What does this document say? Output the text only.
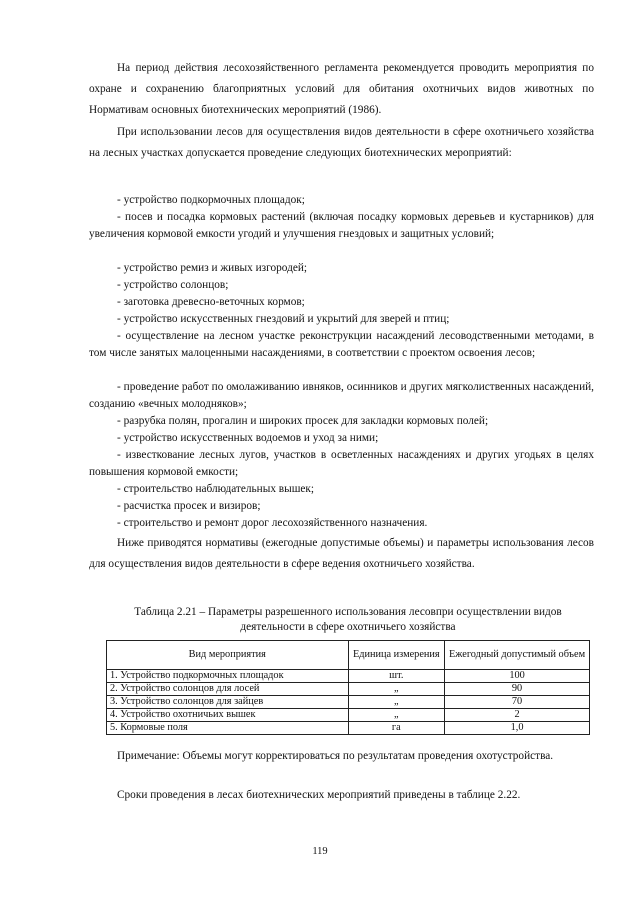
На период действия лесохозяйственного регламента рекомендуется проводить мероприятия по охране и сохранению благоприятных условий для обитания охотничьих видов животных по Нормативам основных биотехнических мероприятий (1986).

При использовании лесов для осуществления видов деятельности в сфере охотничьего хозяйства на лесных участках допускается проведение следующих биотехнических мероприятий:

- устройство подкормочных площадок;

- посев и посадка кормовых растений (включая посадку кормовых деревьев и кустарников) для увеличения кормовой емкости угодий и улучшения гнездовых и защитных условий;

- устройство ремиз и живых изгородей;

- устройство солонцов;

- заготовка древесно-веточных кормов;

- устройство искусственных гнездовий и укрытий для зверей и птиц;

- осуществление на лесном участке реконструкции насаждений лесоводственными методами, в том числе занятых малоценными насаждениями, в соответствии с проектом освоения лесов;

- проведение работ по омолаживанию ивняков, осинников и других мягколиственных насаждений, созданию «вечных молодняков»;

- разрубка полян, прогалин и широких просек для закладки кормовых полей;

- устройство искусственных водоемов и уход за ними;

- известкование лесных лугов, участков в осветленных насаждениях и других угодьях в целях повышения кормовой емкости;

- строительство наблюдательных вышек;

- расчистка просек и визиров;

- строительство и ремонт дорог лесохозяйственного назначения.

Ниже приводятся нормативы (ежегодные допустимые объемы) и параметры использования лесов для осуществления видов деятельности в сфере ведения охотничьего хозяйства.

Таблица 2.21 – Параметры разрешенного использования лесовпри осуществлении видов деятельности в сфере охотничьего хозяйства

Вид мероприятия	Единица измерения	Ежегодный допустимый объем
1. Устройство подкормочных площадок	шт.	100
2. Устройство солонцов для лосей	„	90
3. Устройство солонцов для зайцев	„	70
4. Устройство охотничьих вышек	„	2
5. Кормовые поля	га	1,0

Примечание: Объемы могут корректироваться по результатам проведения охотустройства.

Сроки проведения в лесах биотехнических мероприятий приведены в таблице 2.22.

119
